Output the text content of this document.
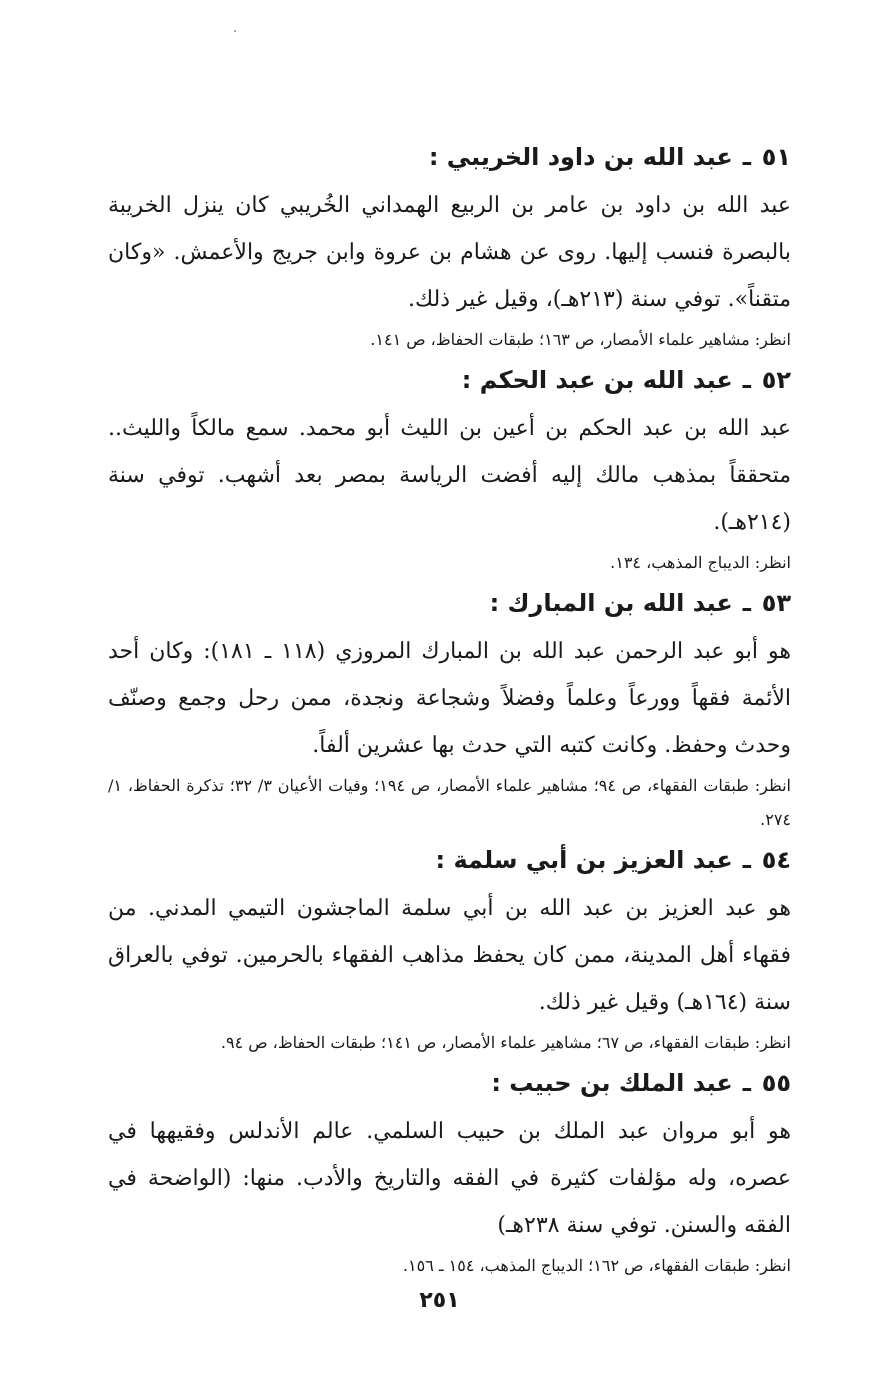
٥١
ـ
عبد الله بن داود الخريبي :

عبد الله بن داود بن عامر بن الربيع الهمداني الخُريبي كان ينزل الخريبة بالبصرة فنسب إليها. روى عن هشام بن عروة وابن جريج والأعمش. «وكان متقناً». توفي سنة (٢١٣هـ)، وقيل غير ذلك.

انظر: مشاهير علماء الأمصار، ص ١٦٣؛ طبقات الحفاظ، ص ١٤١.

٥٢
ـ
عبد الله بن عبد الحكم :

عبد الله بن عبد الحكم بن أعين بن الليث أبو محمد. سمع مالكاً والليث.. متحققاً بمذهب مالك إليه أفضت الرياسة بمصر بعد أشهب. توفي سنة (٢١٤هـ).

انظر: الديباج المذهب، ١٣٤.

٥٣
ـ
عبد الله بن المبارك :

هو أبو عبد الرحمن عبد الله بن المبارك المروزي (١١٨ ـ ١٨١): وكان أحد الأئمة فقهاً وورعاً وعلماً وفضلاً وشجاعة ونجدة، ممن رحل وجمع وصنّف وحدث وحفظ. وكانت كتبه التي حدث بها عشرين ألفاً.

انظر: طبقات الفقهاء، ص ٩٤؛ مشاهير علماء الأمصار، ص ١٩٤؛ وفيات الأعيان ٣/ ٣٢؛ تذكرة الحفاظ، ١/ ٢٧٤.

٥٤
ـ
عبد العزيز بن أبي سلمة :

هو عبد العزيز بن عبد الله بن أبي سلمة الماجشون التيمي المدني. من فقهاء أهل المدينة، ممن كان يحفظ مذاهب الفقهاء بالحرمين. توفي بالعراق سنة (١٦٤هـ) وقيل غير ذلك.

انظر: طبقات الفقهاء، ص ٦٧؛ مشاهير علماء الأمصار، ص ١٤١؛ طبقات الحفاظ، ص ٩٤.

٥٥
ـ
عبد الملك بن حبيب :

هو أبو مروان عبد الملك بن حبيب السلمي. عالم الأندلس وفقيهها في عصره، وله مؤلفات كثيرة في الفقه والتاريخ والأدب. منها: (الواضحة في الفقه والسنن. توفي سنة ٢٣٨هـ)

انظر: طبقات الفقهاء، ص ١٦٢؛ الديباج المذهب، ١٥٤ ـ ١٥٦.

٢٥١
